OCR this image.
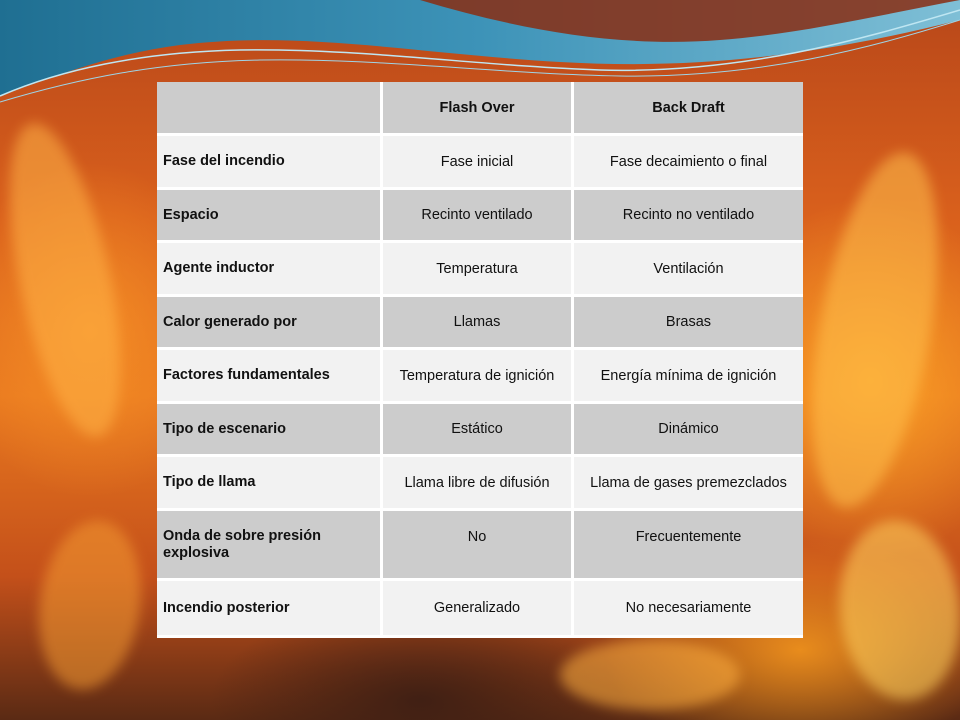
	Flash Over	Back Draft
Fase del incendio	Fase inicial	Fase decaimiento o final
Espacio	Recinto ventilado	Recinto no ventilado
Agente inductor	Temperatura	Ventilación
Calor generado por	Llamas	Brasas
Factores fundamentales	Temperatura de ignición	Energía mínima de ignición
Tipo de escenario	Estático	Dinámico
Tipo de llama	Llama libre de difusión	Llama de gases premezclados
Onda de sobre presión explosiva	No	Frecuentemente
Incendio posterior	Generalizado	No necesariamente
